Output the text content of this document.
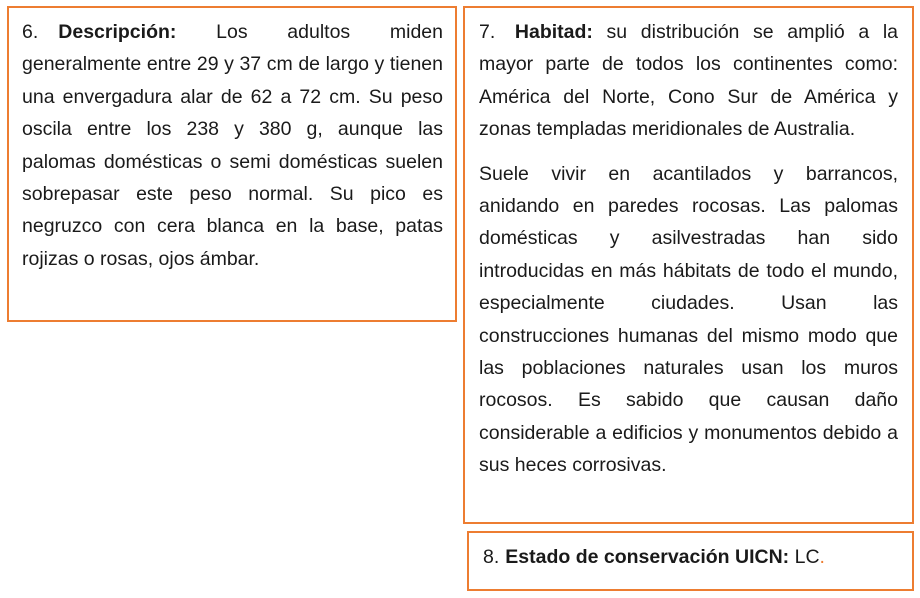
6. Descripción: Los adultos miden generalmente entre 29 y 37 cm de largo y tienen una envergadura alar de 62 a 72 cm. Su peso oscila entre los 238 y 380 g, aunque las palomas domésticas o semi domésticas suelen sobrepasar este peso normal. Su pico es negruzco con cera blanca en la base, patas rojizas o rosas, ojos ámbar.

7. Habitad: su distribución se amplió a la mayor parte de todos los continentes como: América del Norte, Cono Sur de América y zonas templadas meridionales de Australia.

Suele vivir en acantilados y barrancos, anidando en paredes rocosas. Las palomas domésticas y asilvestradas han sido introducidas en más hábitats de todo el mundo, especialmente ciudades. Usan las construcciones humanas del mismo modo que las poblaciones naturales usan los muros rocosos. Es sabido que causan daño considerable a edificios y monumentos debido a sus heces corrosivas.

8. Estado de conservación UICN: LC.
